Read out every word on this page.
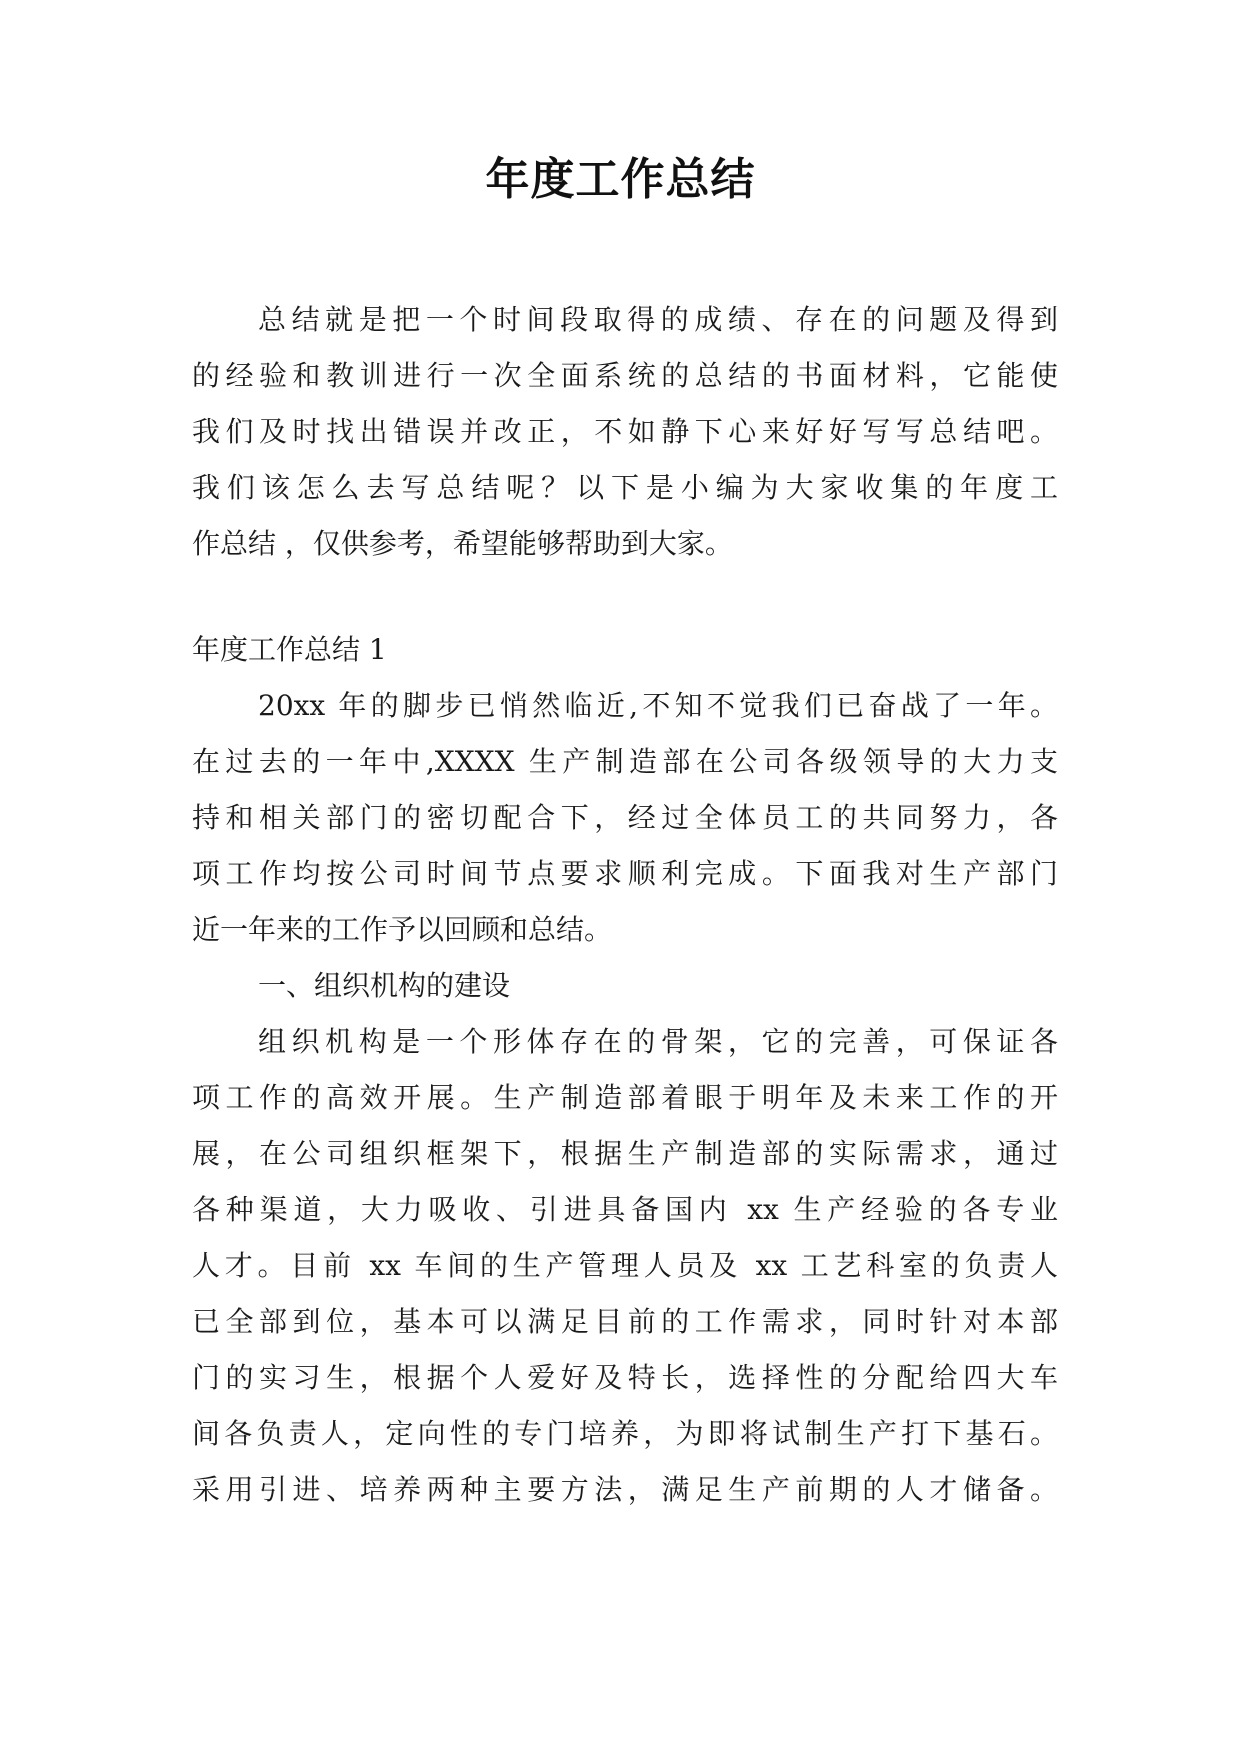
年度工作总结
总结就是把一个时间段取得的成绩、存在的问题及得到
的经验和教训进行一次全面系统的总结的书面材料，它能使
我们及时找出错误并改正，不如静下心来好好写写总结吧。
我们该怎么去写总结呢？以下是小编为大家收集的年度工
作总结 ，仅供参考，希望能够帮助到大家。
年度工作总结 1
20xx 年的脚步已悄然临近,不知不觉我们已奋战了一年。
在过去的一年中,XXXX 生产制造部在公司各级领导的大力支
持和相关部门的密切配合下，经过全体员工的共同努力，各
项工作均按公司时间节点要求顺利完成。下面我对生产部门
近一年来的工作予以回顾和总结。
一、组织机构的建设
组织机构是一个形体存在的骨架，它的完善，可保证各
项工作的高效开展。生产制造部着眼于明年及未来工作的开
展，在公司组织框架下，根据生产制造部的实际需求，通过
各种渠道，大力吸收、引进具备国内 xx 生产经验的各专业
人才。目前 xx 车间的生产管理人员及 xx 工艺科室的负责人
已全部到位，基本可以满足目前的工作需求，同时针对本部
门的实习生，根据个人爱好及特长，选择性的分配给四大车
间各负责人，定向性的专门培养，为即将试制生产打下基石。
采用引进、培养两种主要方法，满足生产前期的人才储备。
